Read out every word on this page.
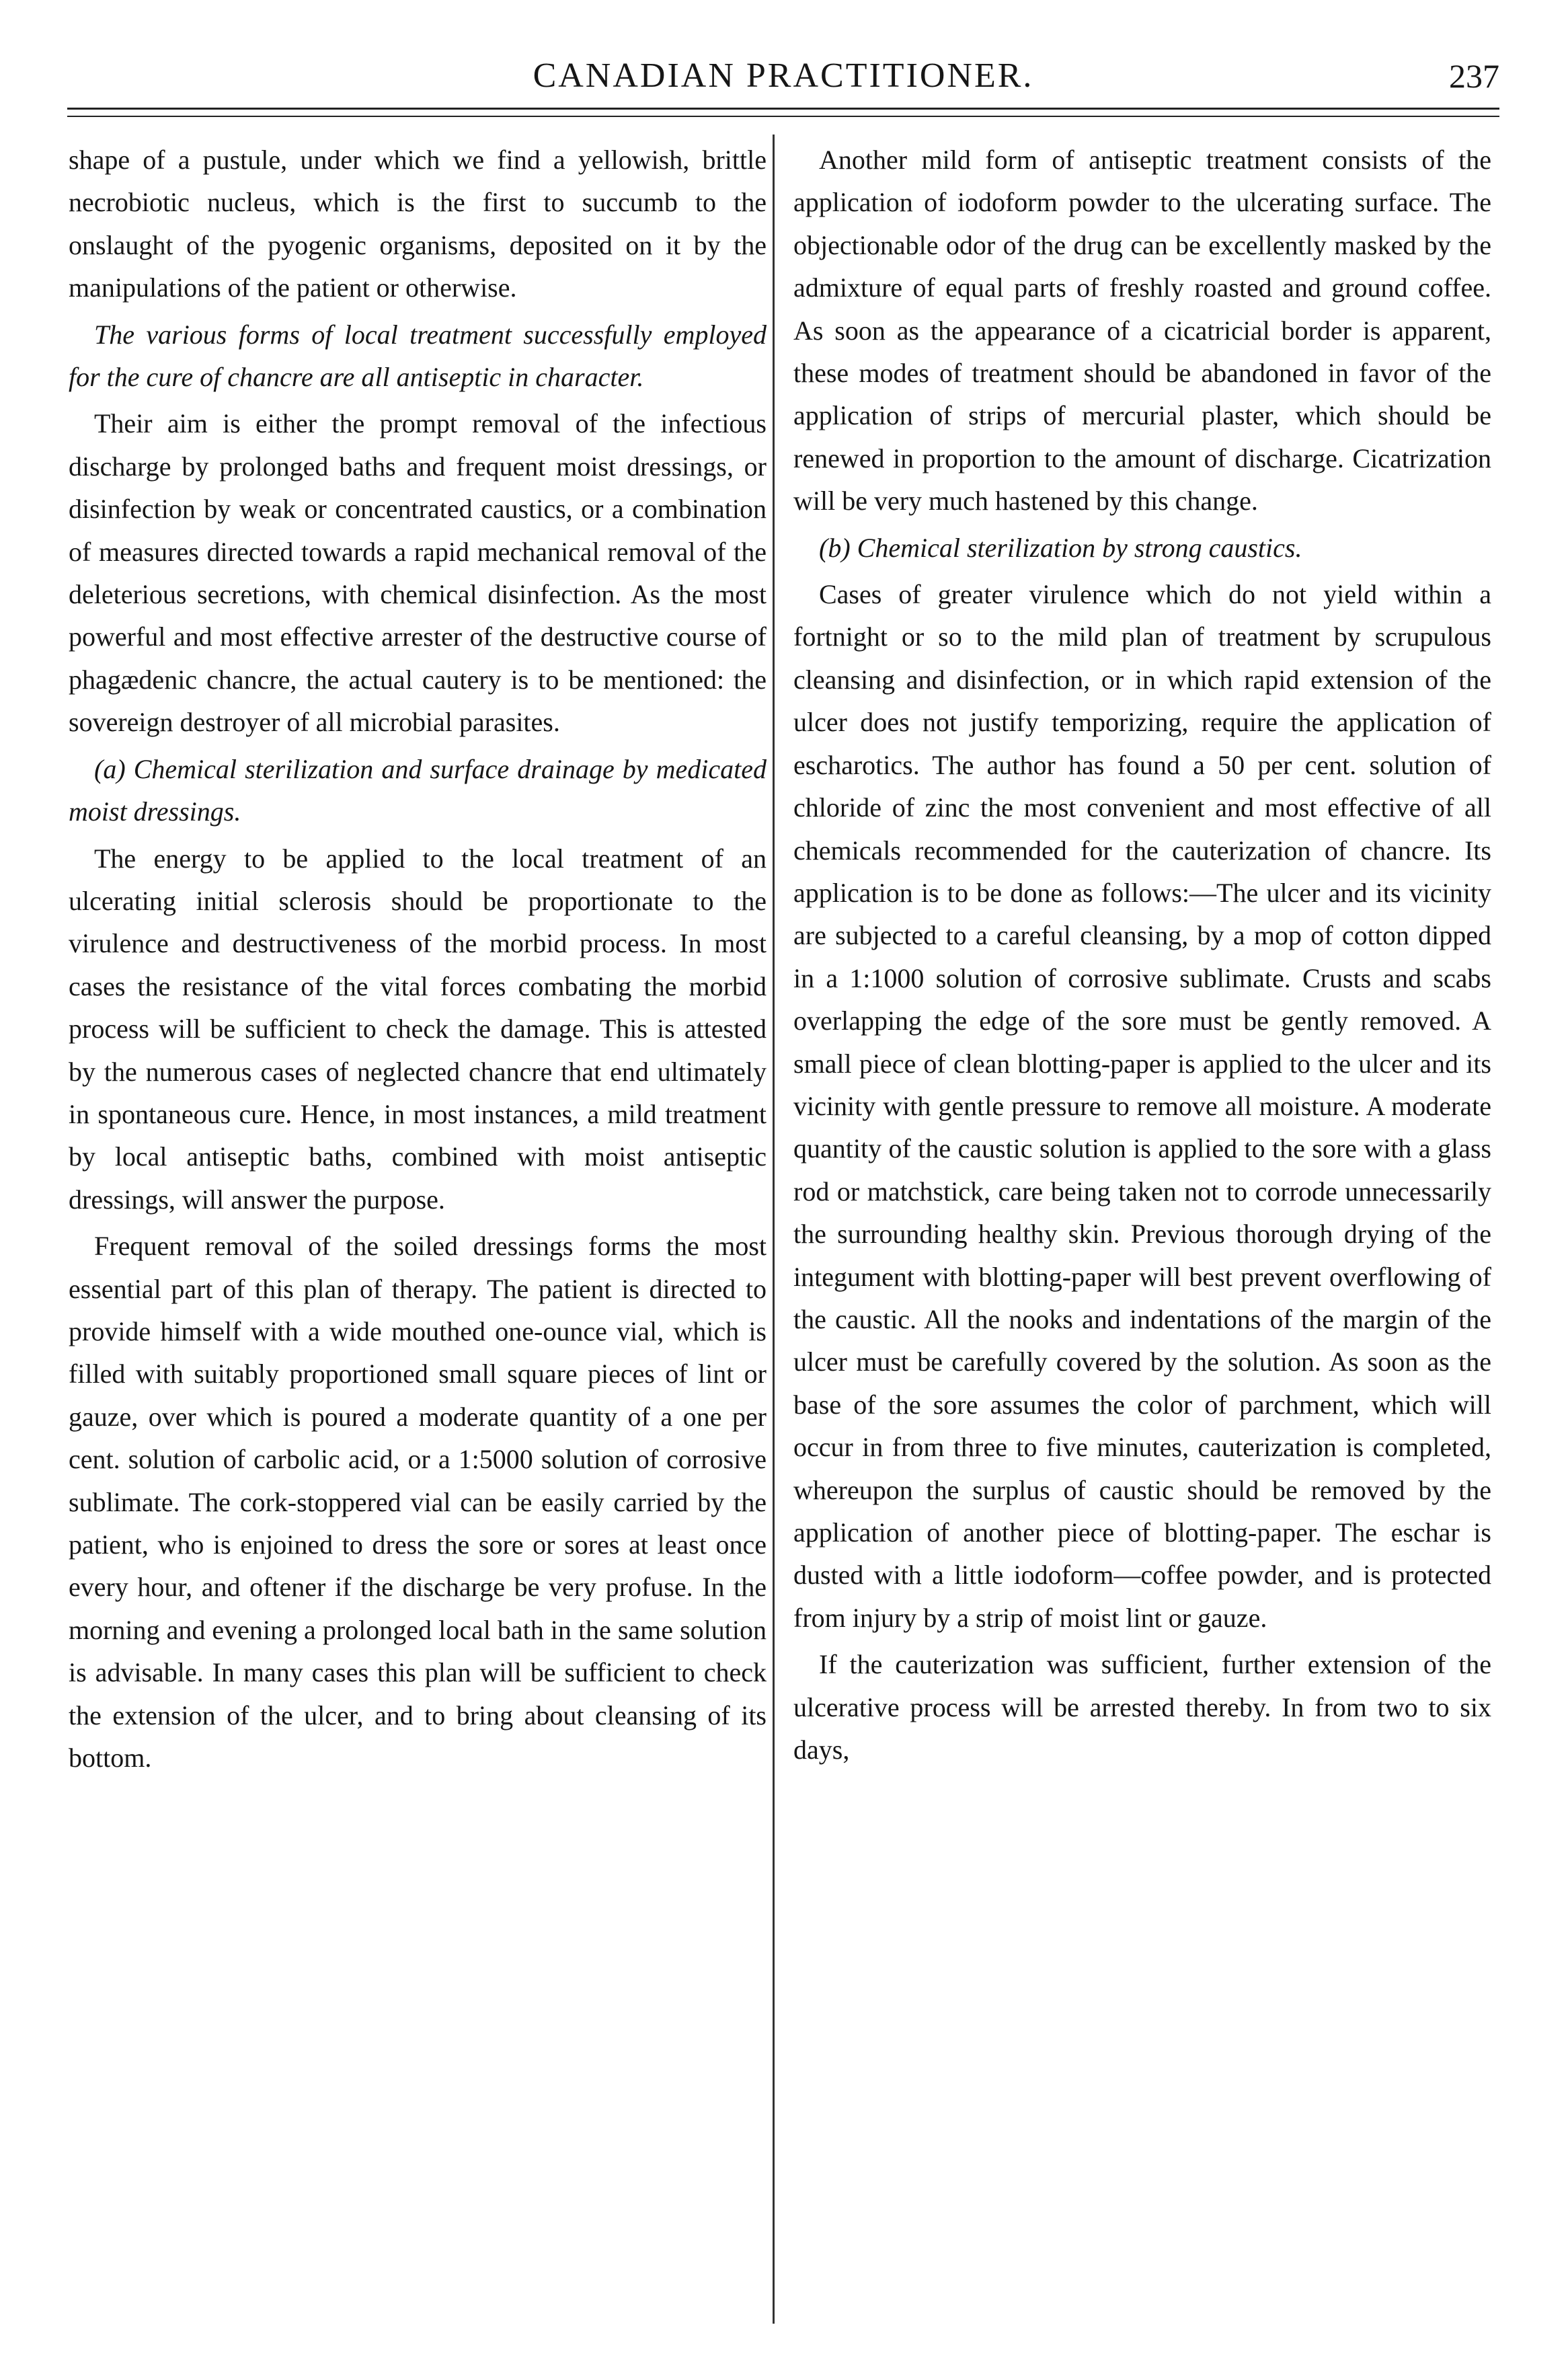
CANADIAN PRACTITIONER.	237

shape of a pustule, under which we find a yellowish, brittle necrobiotic nucleus, which is the first to succumb to the onslaught of the pyogenic organisms, deposited on it by the manipulations of the patient or otherwise.

The various forms of local treatment successfully employed for the cure of chancre are all antiseptic in character.

Their aim is either the prompt removal of the infectious discharge by prolonged baths and frequent moist dressings, or disinfection by weak or concentrated caustics, or a combination of measures directed towards a rapid mechanical removal of the deleterious secretions, with chemical disinfection. As the most powerful and most effective arrester of the destructive course of phagædenic chancre, the actual cautery is to be mentioned: the sovereign destroyer of all microbial parasites.

(a) Chemical sterilization and surface drainage by medicated moist dressings.

The energy to be applied to the local treatment of an ulcerating initial sclerosis should be proportionate to the virulence and destructiveness of the morbid process. In most cases the resistance of the vital forces combating the morbid process will be sufficient to check the damage. This is attested by the numerous cases of neglected chancre that end ultimately in spontaneous cure. Hence, in most instances, a mild treatment by local antiseptic baths, combined with moist antiseptic dressings, will answer the purpose.

Frequent removal of the soiled dressings forms the most essential part of this plan of therapy. The patient is directed to provide himself with a wide mouthed one-ounce vial, which is filled with suitably proportioned small square pieces of lint or gauze, over which is poured a moderate quantity of a one per cent. solution of carbolic acid, or a 1:5000 solution of corrosive sublimate. The cork-stoppered vial can be easily carried by the patient, who is enjoined to dress the sore or sores at least once every hour, and oftener if the discharge be very profuse. In the morning and evening a prolonged local bath in the same solution is advisable. In many cases this plan will be sufficient to check the extension of the ulcer, and to bring about cleansing of its bottom.

Another mild form of antiseptic treatment consists of the application of iodoform powder to the ulcerating surface. The objectionable odor of the drug can be excellently masked by the admixture of equal parts of freshly roasted and ground coffee. As soon as the appearance of a cicatricial border is apparent, these modes of treatment should be abandoned in favor of the application of strips of mercurial plaster, which should be renewed in proportion to the amount of discharge. Cicatrization will be very much hastened by this change.

(b) Chemical sterilization by strong caustics.

Cases of greater virulence which do not yield within a fortnight or so to the mild plan of treatment by scrupulous cleansing and disinfection, or in which rapid extension of the ulcer does not justify temporizing, require the application of escharotics. The author has found a 50 per cent. solution of chloride of zinc the most convenient and most effective of all chemicals recommended for the cauterization of chancre. Its application is to be done as follows:—The ulcer and its vicinity are subjected to a careful cleansing, by a mop of cotton dipped in a 1:1000 solution of corrosive sublimate. Crusts and scabs overlapping the edge of the sore must be gently removed. A small piece of clean blotting-paper is applied to the ulcer and its vicinity with gentle pressure to remove all moisture. A moderate quantity of the caustic solution is applied to the sore with a glass rod or matchstick, care being taken not to corrode unnecessarily the surrounding healthy skin. Previous thorough drying of the integument with blotting-paper will best prevent overflowing of the caustic. All the nooks and indentations of the margin of the ulcer must be carefully covered by the solution. As soon as the base of the sore assumes the color of parchment, which will occur in from three to five minutes, cauterization is completed, whereupon the surplus of caustic should be removed by the application of another piece of blotting-paper. The eschar is dusted with a little iodoform—coffee powder, and is protected from injury by a strip of moist lint or gauze.

If the cauterization was sufficient, further extension of the ulcerative process will be arrested thereby. In from two to six days,
